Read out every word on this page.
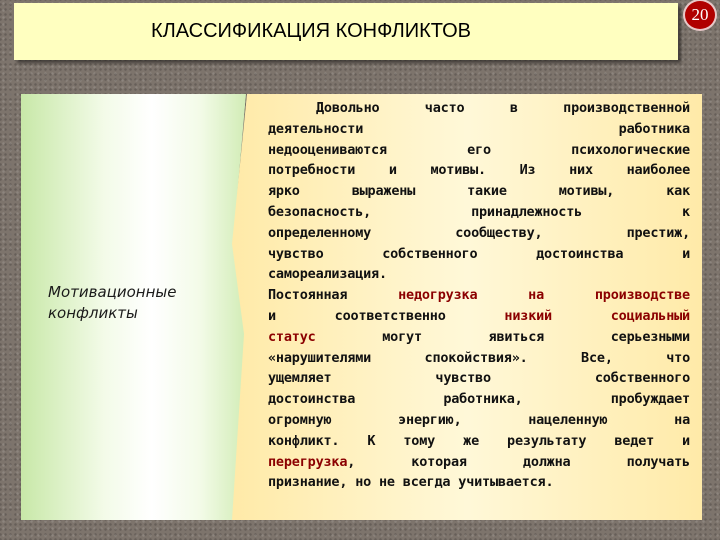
КЛАССИФИКАЦИЯ КОНФЛИКТОВ
20
Мотивационные
конфликты
Довольно часто в производственной
деятельности работника
недооцениваются его психологические
потребности и мотивы. Из них наиболее
ярко выражены такие мотивы, как
безопасность, принадлежность к
определенному сообществу, престиж,
чувство собственного достоинства и
самореализация.
Постоянная недогрузка на производстве
и соответственно низкий социальный
статус могут явиться серьезными
«нарушителями спокойствия». Все, что
ущемляет чувство собственного
достоинства работника, пробуждает
огромную энергию, нацеленную на
конфликт. К тому же результату ведет и
перегрузка, которая должна получать
признание, но не всегда учитывается.
